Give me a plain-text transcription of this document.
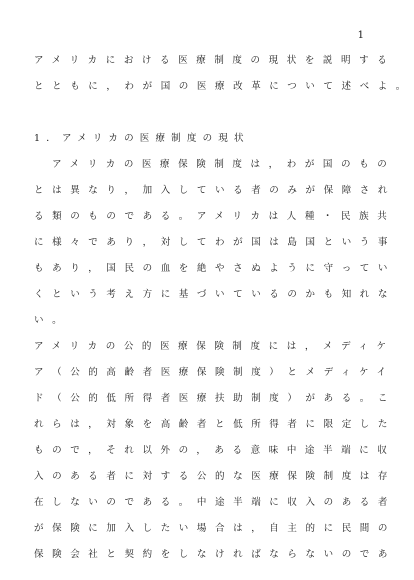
1
アメリカにおける医療制度の現状を説明する
とともに，わが国の医療改革について述べよ。
1．アメリカの医療制度の現状
　アメリカの医療保険制度は，わが国のもの
とは異なり，加入している者のみが保障され
る類のものである。アメリカは人種・民族共
に様々であり，対してわが国は島国という事
もあり，国民の血を絶やさぬように守ってい
くという考え方に基づいているのかも知れな
い。
アメリカの公的医療保険制度には，メディケ
ア（公的高齢者医療保険制度）とメディケイ
ド（公的低所得者医療扶助制度）がある。こ
れらは，対象を高齢者と低所得者に限定した
もので，それ以外の，ある意味中途半端に収
入のある者に対する公的な医療保険制度は存
在しないのである。中途半端に収入のある者
が保険に加入したい場合は，自主的に民間の
保険会社と契約をしなければならないのであ
